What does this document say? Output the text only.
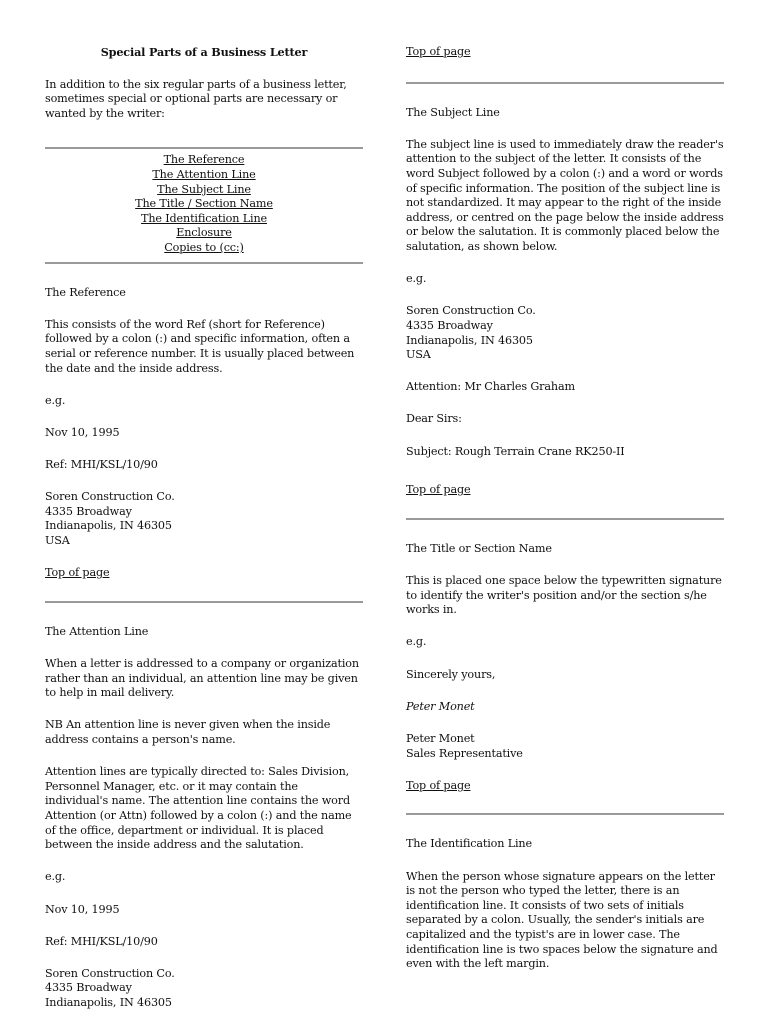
Special Parts of a Business Letter

In addition to the six regular parts of a business letter, sometimes special or optional parts are necessary or wanted by the writer:

The Reference
The Attention Line
The Subject Line
The Title / Section Name
The Identification Line
Enclosure
Copies to (cc:)

The Reference

This consists of the word Ref (short for Reference) followed by a colon (:) and specific information, often a serial or reference number. It is usually placed between the date and the inside address.

e.g.

Nov 10, 1995

Ref: MHI/KSL/10/90

Soren Construction Co.
4335 Broadway
Indianapolis, IN 46305
USA

Top of page

The Attention Line

When a letter is addressed to a company or organization rather than an individual, an attention line may be given to help in mail delivery.

NB An attention line is never given when the inside address contains a person's name.

Attention lines are typically directed to: Sales Division, Personnel Manager, etc. or it may contain the individual's name. The attention line contains the word Attention (or Attn) followed by a colon (:) and the name of the office, department or individual. It is placed between the inside address and the salutation.

e.g.

Nov 10, 1995

Ref: MHI/KSL/10/90

Soren Construction Co.
4335 Broadway
Indianapolis, IN 46305

Top of page

The Subject Line

The subject line is used to immediately draw the reader's attention to the subject of the letter. It consists of the word Subject followed by a colon (:) and a word or words of specific information. The position of the subject line is not standardized. It may appear to the right of the inside address, or centred on the page below the inside address or below the salutation. It is commonly placed below the salutation, as shown below.

e.g.

Soren Construction Co.
4335 Broadway
Indianapolis, IN 46305
USA

Attention: Mr Charles Graham

Dear Sirs:

Subject: Rough Terrain Crane RK250-II

Top of page

The Title or Section Name

This is placed one space below the typewritten signature to identify the writer's position and/or the section s/he works in.

e.g.

Sincerely yours,

Peter Monet

Peter Monet
Sales Representative

Top of page

The Identification Line

When the person whose signature appears on the letter is not the person who typed the letter, there is an identification line. It consists of two sets of initials separated by a colon. Usually, the sender's initials are capitalized and the typist's are in lower case. The identification line is two spaces below the signature and even with the left margin.
